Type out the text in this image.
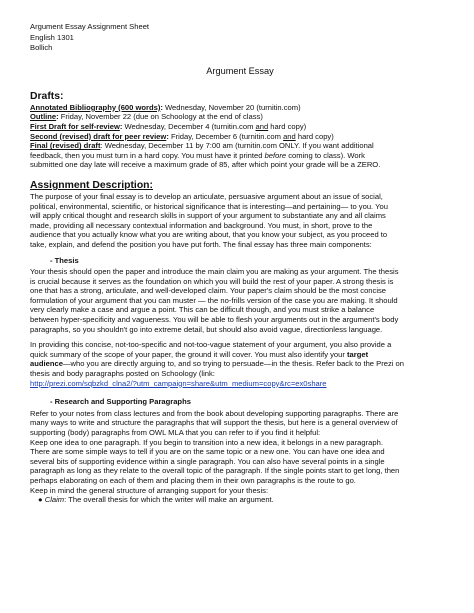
Argument Essay Assignment Sheet
English 1301
Bollich
Argument Essay
Drafts:
Annotated Bibliography (600 words): Wednesday, November 20 (turnitin.com)
Outline: Friday, November 22 (due on Schoology at the end of class)
First Draft for self-review: Wednesday, December 4 (turnitin.com and hard copy)
Second (revised) draft for peer review: Friday, December 6 (turnitin.com and hard copy)
Final (revised) draft: Wednesday, December 11 by 7:00 am (turnitin.com ONLY. If you want additional
feedback, then you must turn in a hard copy. You must have it printed before coming to class). Work
submitted one day late will receive a maximum grade of 85, after which point your grade will be a ZERO.
Assignment Description:
The purpose of your final essay is to develop an articulate, persuasive argument about an issue of social,
political, environmental, scientific, or historical significance that is interesting—and pertaining— to you. You
will apply critical thought and research skills in support of your argument to substantiate any and all claims
made, providing all necessary contextual information and background. You must, in short, prove to the
audience that you actually know what you are writing about, that you know your subject, as you proceed to
take, explain, and defend the position you have put forth. The final essay has three main components:
- Thesis
Your thesis should open the paper and introduce the main claim you are making as your argument. The thesis
is crucial because it serves as the foundation on which you will build the rest of your paper. A strong thesis is
one that has a strong, articulate, and well-developed claim. Your paper's claim should be the most concise
formulation of your argument that you can muster — the no-frills version of the case you are making. It should
very clearly make a case and argue a point. This can be difficult though, and you must strike a balance
between hyper-specificity and vagueness. You will be able to flesh your arguments out in the argument's body
paragraphs, so you shouldn't go into extreme detail, but should also avoid vague, directionless language.
In providing this concise, not-too-specific and not-too-vague statement of your argument, you also provide a
quick summary of the scope of your paper, the ground it will cover. You must also identify your target
audience—who you are directly arguing to, and so trying to persuade—in the thesis. Refer back to the Prezi on
thesis and body paragraphs posted on Schoology (link:
http://prezi.com/sqbzkd_clna2/?utm_campaign=share&utm_medium=copy&rc=ex0share
- Research and Supporting Paragraphs
Refer to your notes from class lectures and from the book about developing supporting paragraphs. There are
many ways to write and structure the paragraphs that will support the thesis, but here is a general overview of
supporting (body) paragraphs from OWL MLA that you can refer to if you find it helpful:
Keep one idea to one paragraph. If you begin to transition into a new idea, it belongs in a new paragraph.
There are some simple ways to tell if you are on the same topic or a new one. You can have one idea and
several bits of supporting evidence within a single paragraph. You can also have several points in a single
paragraph as long as they relate to the overall topic of the paragraph. If the single points start to get long, then
perhaps elaborating on each of them and placing them in their own paragraphs is the route to go.
Keep in mind the general structure of arranging support for your thesis:
● Claim: The overall thesis for which the writer will make an argument.
